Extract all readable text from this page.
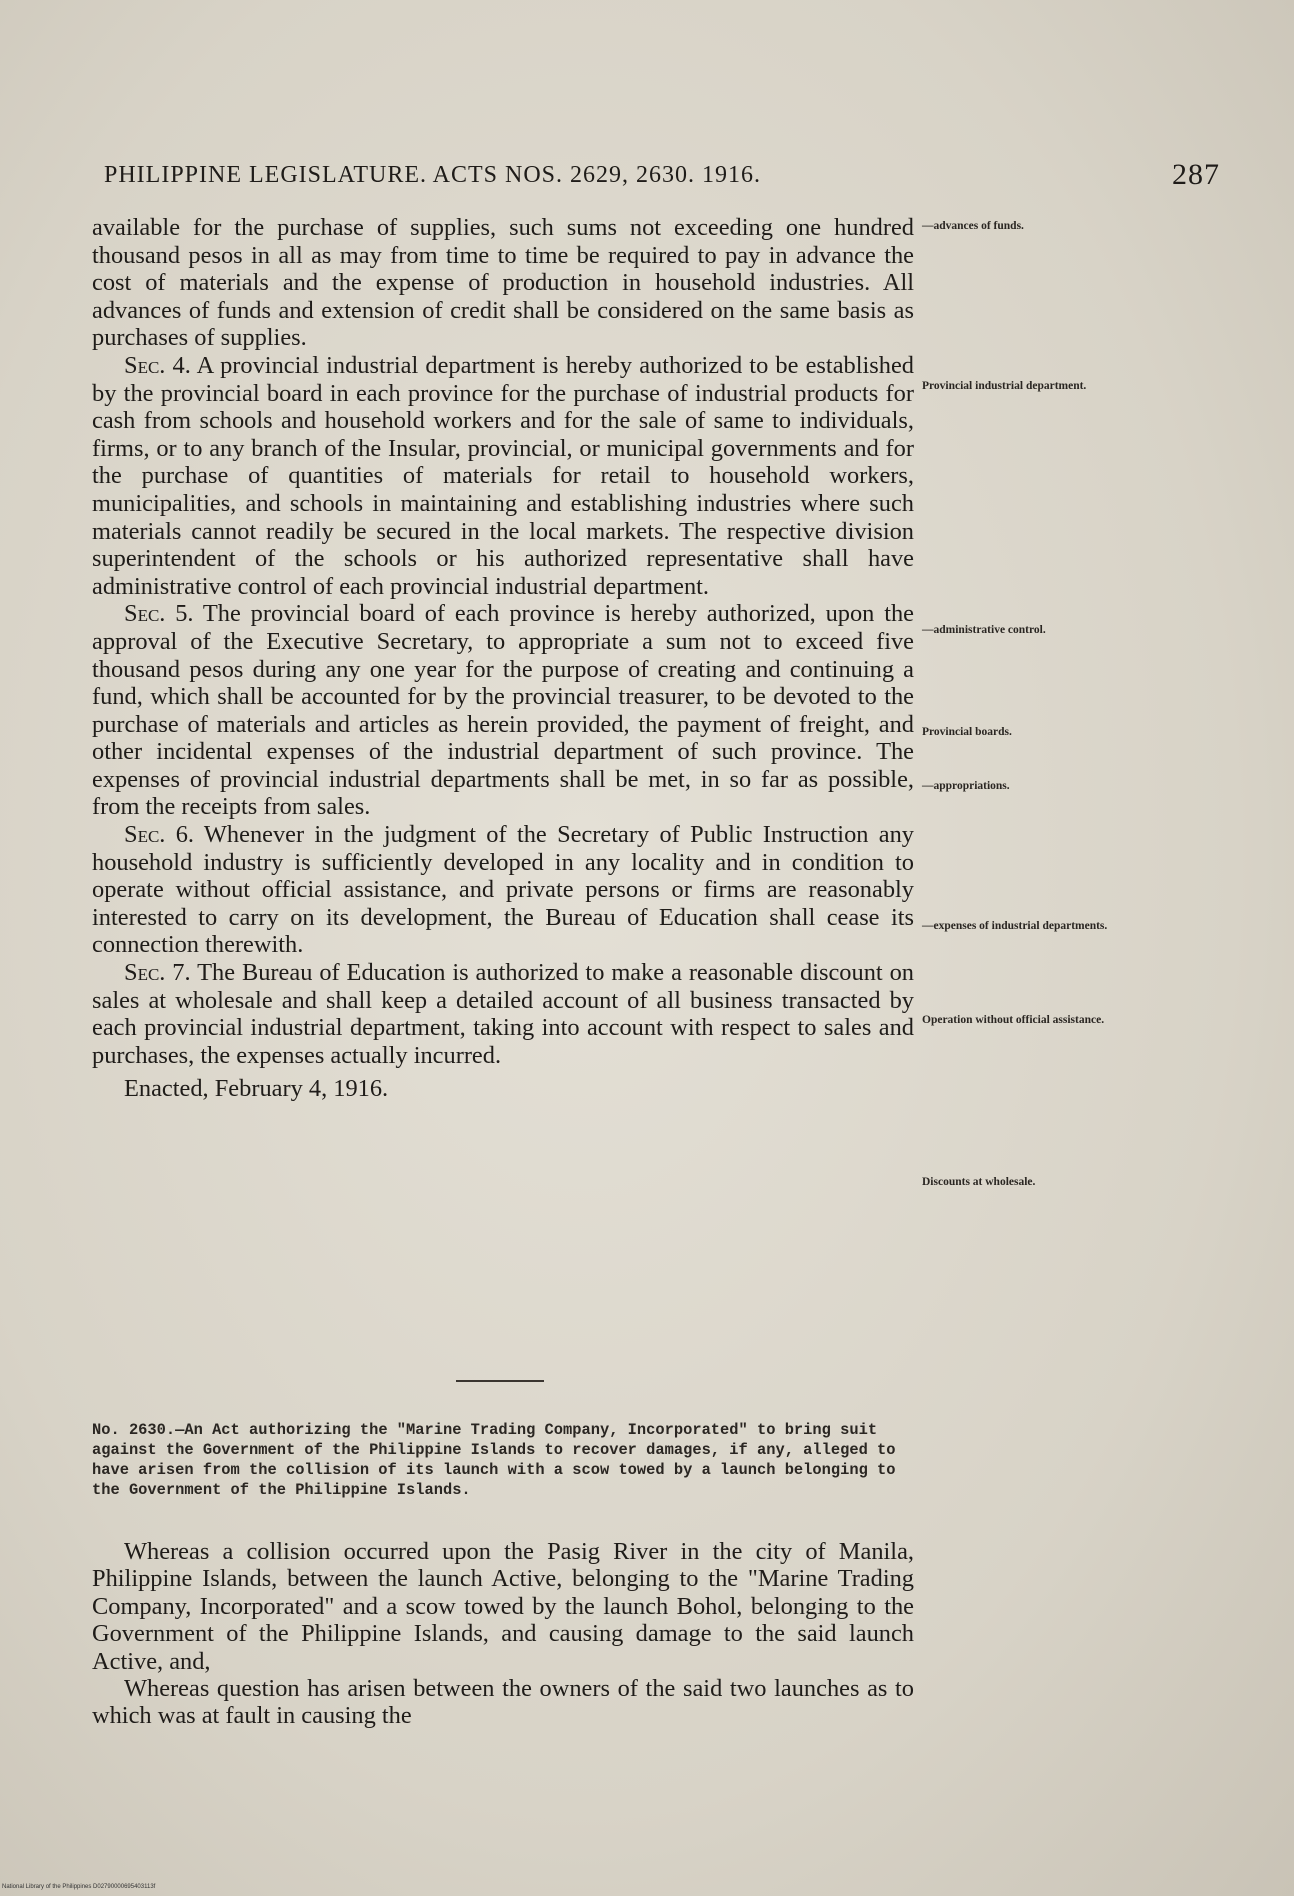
PHILIPPINE LEGISLATURE. ACTS NOS. 2629, 2630. 1916.	287

available for the purchase of supplies, such sums not exceeding one hundred thousand pesos in all as may from time to time be required to pay in advance the cost of materials and the expense of production in household industries. All advances of funds and extension of credit shall be considered on the same basis as purchases of supplies.

Sec. 4. A provincial industrial department is hereby authorized to be established by the provincial board in each province for the purchase of industrial products for cash from schools and household workers and for the sale of same to individuals, firms, or to any branch of the Insular, provincial, or municipal governments and for the purchase of quantities of materials for retail to household workers, municipalities, and schools in maintaining and establishing industries where such materials cannot readily be secured in the local markets. The respective division superintendent of the schools or his authorized representative shall have administrative control of each provincial industrial department.

Sec. 5. The provincial board of each province is hereby authorized, upon the approval of the Executive Secretary, to appropriate a sum not to exceed five thousand pesos during any one year for the purpose of creating and continuing a fund, which shall be accounted for by the provincial treasurer, to be devoted to the purchase of materials and articles as herein provided, the payment of freight, and other incidental expenses of the industrial department of such province. The expenses of provincial industrial departments shall be met, in so far as possible, from the receipts from sales.

Sec. 6. Whenever in the judgment of the Secretary of Public Instruction any household industry is sufficiently developed in any locality and in condition to operate without official assistance, and private persons or firms are reasonably interested to carry on its development, the Bureau of Education shall cease its connection therewith.

Sec. 7. The Bureau of Education is authorized to make a reasonable discount on sales at wholesale and shall keep a detailed account of all business transacted by each provincial industrial department, taking into account with respect to sales and purchases, the expenses actually incurred.

Enacted, February 4, 1916.

—advances of funds.
Provincial industrial department.
—administrative control.
Provincial boards.
—appropriations.
—expenses of industrial departments.
Operation without official assistance.
Discounts at wholesale.
No. 2630.—An Act authorizing the "Marine Trading Company, Incorporated" to bring suit against the Government of the Philippine Islands to recover damages, if any, alleged to have arisen from the collision of its launch with a scow towed by a launch belonging to the Government of the Philippine Islands.

Whereas a collision occurred upon the Pasig River in the city of Manila, Philippine Islands, between the launch Active, belonging to the "Marine Trading Company, Incorporated" and a scow towed by the launch Bohol, belonging to the Government of the Philippine Islands, and causing damage to the said launch Active, and,

Whereas question has arisen between the owners of the said two launches as to which was at fault in causing the

National Library of the Philippines D02790000695403113f
